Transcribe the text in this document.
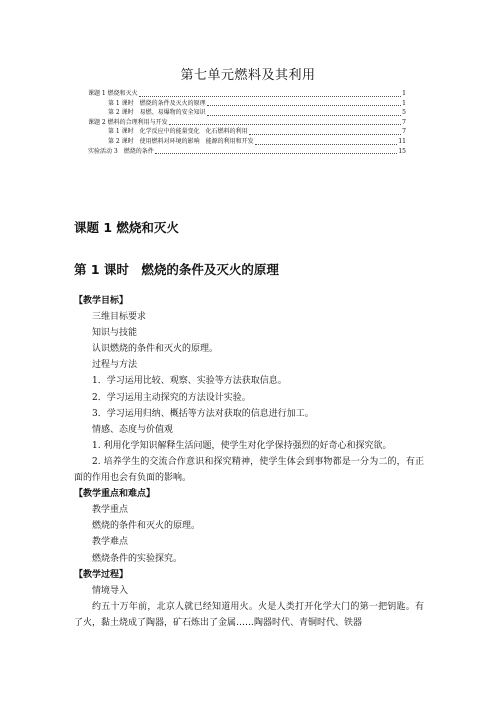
第七单元燃料及其利用
课题 1 燃烧和灭火	1
第 1 课时　燃烧的条件及灭火的原理	1
第 2 课时　易燃、易爆物的安全知识	5
课题 2 燃料的合理利用与开发	7
第 1 课时　化学反应中的能量变化　化石燃料的利用	7
第 2 课时　使用燃料对环境的影响　能源的利用和开发	11
实验活动 3　燃烧的条件	15
课题 1 燃烧和灭火
第 1 课时　燃烧的条件及灭火的原理
【教学目标】
三维目标要求
知识与技能
认识燃烧的条件和灭火的原理。
过程与方法
1．学习运用比较、观察、实验等方法获取信息。
2．学习运用主动探究的方法设计实验。
3．学习运用归纳、概括等方法对获取的信息进行加工。
情感、态度与价值观
1. 利用化学知识解释生活问题，使学生对化学保持强烈的好奇心和探究欲。
2. 培养学生的交流合作意识和探究精神，使学生体会到事物都是一分为二的，有正面的作用也会有负面的影响。
【教学重点和难点】
教学重点
燃烧的条件和灭火的原理。
教学难点
燃烧条件的实验探究。
【教学过程】
情境导入
约五十万年前，北京人就已经知道用火。火是人类打开化学大门的第一把钥匙。有了火，黏土烧成了陶器，矿石炼出了金属……陶器时代、青铜时代、铁器
